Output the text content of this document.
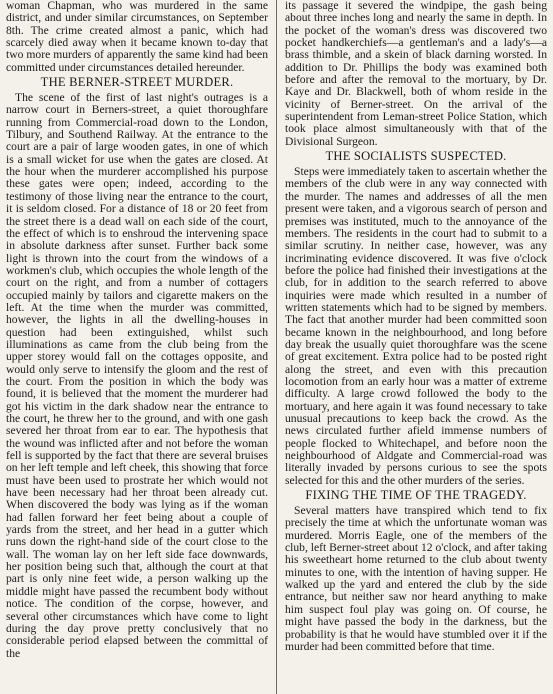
woman Chapman, who was murdered in the same district, and under similar circumstances, on September 8th. The crime created almost a panic, which had scarcely died away when it became known to-day that two more murders of apparently the same kind had been committed under circumstances detailed hereunder.

THE BERNER-STREET MURDER.

The scene of the first of last night's outrages is a narrow court in Berners-street, a quiet thoroughfare running from Commercial-road down to the London, Tilbury, and Southend Railway. At the entrance to the court are a pair of large wooden gates, in one of which is a small wicket for use when the gates are closed. At the hour when the murderer accomplished his purpose these gates were open; indeed, according to the testimony of those living near the entrance to the court, it is seldom closed. For a distance of 18 or 20 feet from the street there is a dead wall on each side of the court, the effect of which is to enshroud the intervening space in absolute darkness after sunset. Further back some light is thrown into the court from the windows of a workmen's club, which occupies the whole length of the court on the right, and from a number of cottagers occupied mainly by tailors and cigarette makers on the left. At the time when the murder was committed, however, the lights in all the dwelling-houses in question had been extinguished, whilst such illuminations as came from the club being from the upper storey would fall on the cottages opposite, and would only serve to intensify the gloom and the rest of the court. From the position in which the body was found, it is believed that the moment the murderer had got his victim in the dark shadow near the entrance to the court, he threw her to the ground, and with one gash severed her throat from ear to ear. The hypothesis that the wound was inflicted after and not before the woman fell is supported by the fact that there are several bruises on her left temple and left cheek, this showing that force must have been used to prostrate her which would not have been necessary had her throat been already cut. When discovered the body was lying as if the woman had fallen forward her feet being about a couple of yards from the street, and her head in a gutter which runs down the right-hand side of the court close to the wall. The woman lay on her left side face downwards, her position being such that, although the court at that part is only nine feet wide, a person walking up the middle might have passed the recumbent body without notice. The condition of the corpse, however, and several other circumstances which have come to light during the day prove pretty conclusively that no considerable period elapsed between the committal of the

its passage it severed the windpipe, the gash being about three inches long and nearly the same in depth. In the pocket of the woman's dress was discovered two pocket handkerchiefs—a gentleman's and a lady's—a brass thimble, and a skein of black darning worsted. In addition to Dr. Phillips the body was examined both before and after the removal to the mortuary, by Dr. Kaye and Dr. Blackwell, both of whom reside in the vicinity of Berner-street. On the arrival of the superintendent from Leman-street Police Station, which took place almost simultaneously with that of the Divisional Surgeon.

THE SOCIALISTS SUSPECTED.

Steps were immediately taken to ascertain whether the members of the club were in any way connected with the murder. The names and addresses of all the men present were taken, and a vigorous search of person and premises was instituted, much to the annoyance of the members. The residents in the court had to submit to a similar scrutiny. In neither case, however, was any incriminating evidence discovered. It was five o'clock before the police had finished their investigations at the club, for in addition to the search referred to above inquiries were made which resulted in a number of written statements which had to be signed by members. The fact that another murder had been committed soon became known in the neighbourhood, and long before day break the usually quiet thoroughfare was the scene of great excitement. Extra police had to be posted right along the street, and even with this precaution locomotion from an early hour was a matter of extreme difficulty. A large crowd followed the body to the mortuary, and here again it was found necessary to take unusual precautions to keep back the crowd. As the news circulated further afield immense numbers of people flocked to Whitechapel, and before noon the neighbourhood of Aldgate and Commercial-road was literally invaded by persons curious to see the spots selected for this and the other murders of the series.

FIXING THE TIME OF THE TRAGEDY.

Several matters have transpired which tend to fix precisely the time at which the unfortunate woman was murdered. Morris Eagle, one of the members of the club, left Berner-street about 12 o'clock, and after taking his sweetheart home returned to the club about twenty minutes to one, with the intention of having supper. He walked up the yard and entered the club by the side entrance, but neither saw nor heard anything to make him suspect foul play was going on. Of course, he might have passed the body in the darkness, but the probability is that he would have stumbled over it if the murder had been committed before that time.
